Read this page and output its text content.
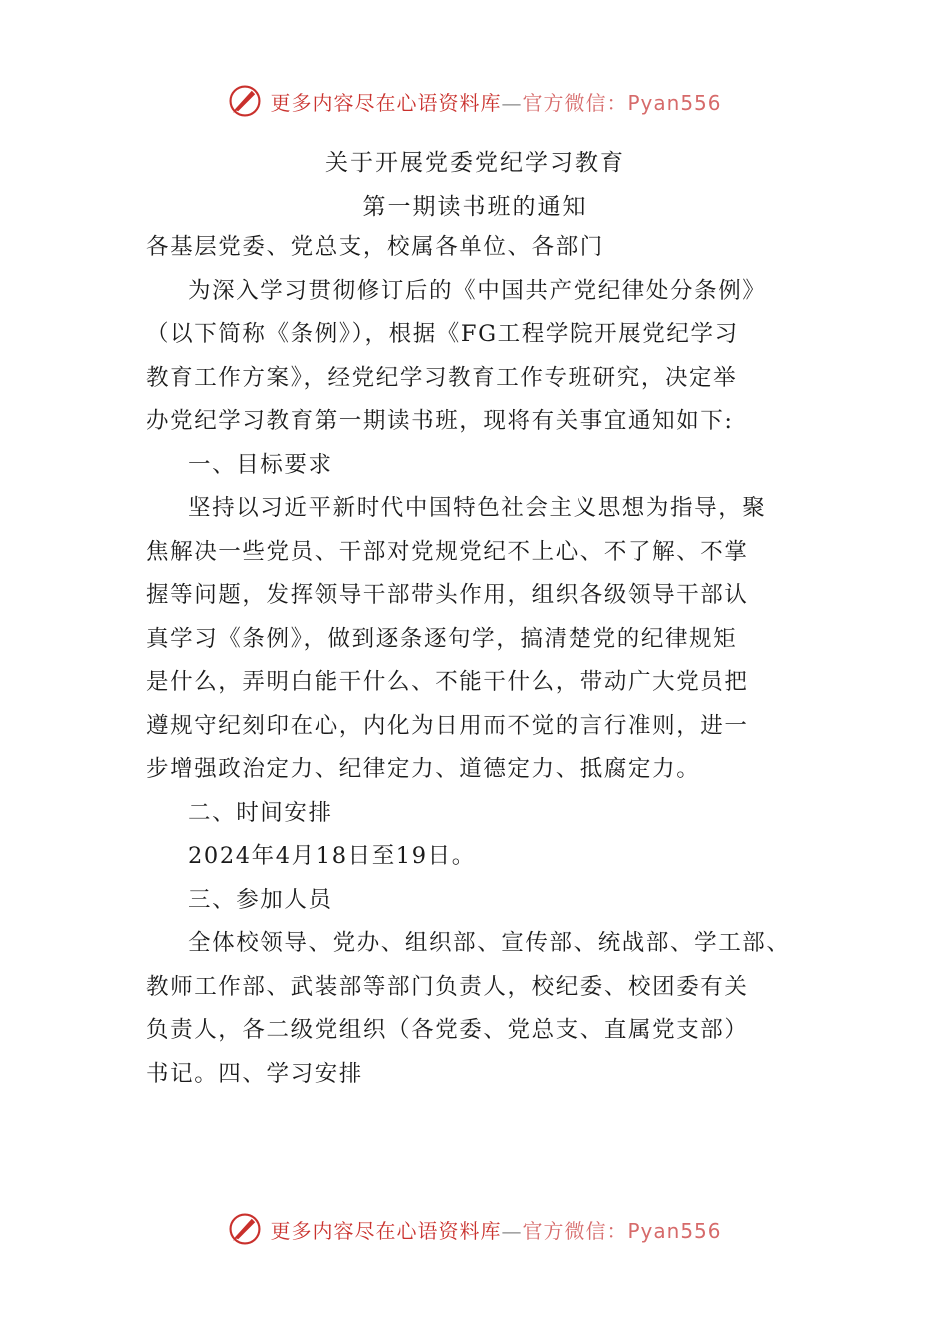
更多内容尽在心语资料库—官方微信：Pyan556
关于开展党委党纪学习教育
第一期读书班的通知

各基层党委、党总支，校属各单位、各部门

为深入学习贯彻修订后的《中国共产党纪律处分条例》

（以下简称《条例》），根据《FG工程学院开展党纪学习

教育工作方案》，经党纪学习教育工作专班研究，决定举

办党纪学习教育第一期读书班，现将有关事宜通知如下:

一、目标要求

坚持以习近平新时代中国特色社会主义思想为指导，聚

焦解决一些党员、干部对党规党纪不上心、不了解、不掌

握等问题，发挥领导干部带头作用，组织各级领导干部认

真学习《条例》，做到逐条逐句学，搞清楚党的纪律规矩

是什么，弄明白能干什么、不能干什么，带动广大党员把

遵规守纪刻印在心，内化为日用而不觉的言行准则，进一

步增强政治定力、纪律定力、道德定力、抵腐定力。

二、时间安排

2024年4月18日至19日。

三、参加人员

全体校领导、党办、组织部、宣传部、统战部、学工部、

教师工作部、武装部等部门负责人，校纪委、校团委有关

负责人，各二级党组织（各党委、党总支、直属党支部）

书记。四、学习安排

更多内容尽在心语资料库—官方微信：Pyan556
